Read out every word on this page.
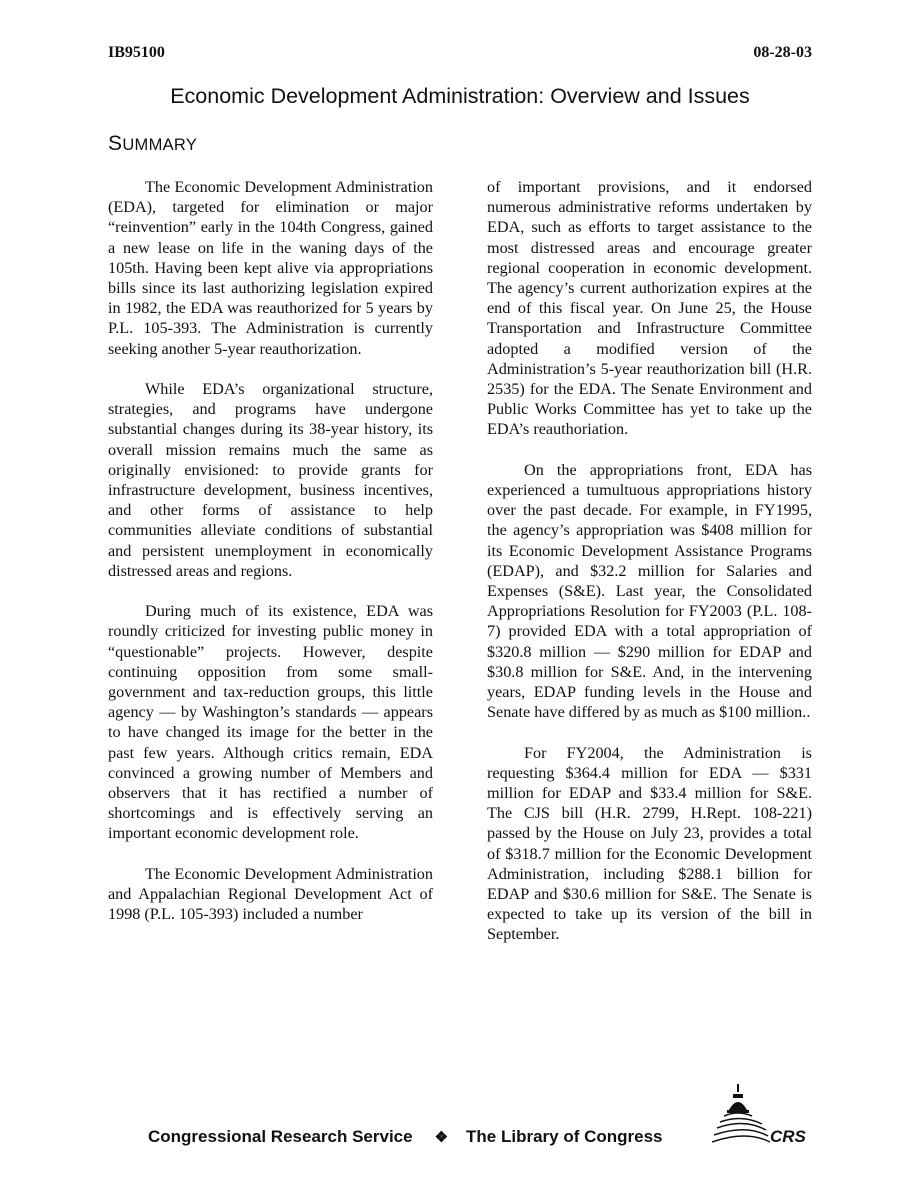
IB95100	08-28-03
Economic Development Administration: Overview and Issues
SUMMARY

The Economic Development Administration (EDA), targeted for elimination or major “reinvention” early in the 104th Congress, gained a new lease on life in the waning days of the 105th. Having been kept alive via appropriations bills since its last authorizing legislation expired in 1982, the EDA was reauthorized for 5 years by P.L. 105-393. The Administration is currently seeking another 5-year reauthorization.

While EDA’s organizational structure, strategies, and programs have undergone substantial changes during its 38-year history, its overall mission remains much the same as originally envisioned: to provide grants for infrastructure development, business incentives, and other forms of assistance to help communities alleviate conditions of substantial and persistent unemployment in economically distressed areas and regions.

During much of its existence, EDA was roundly criticized for investing public money in “questionable” projects. However, despite continuing opposition from some small-government and tax-reduction groups, this little agency — by Washington’s standards — appears to have changed its image for the better in the past few years. Although critics remain, EDA convinced a growing number of Members and observers that it has rectified a number of shortcomings and is effectively serving an important economic development role.

The Economic Development Administration and Appalachian Regional Development Act of 1998 (P.L. 105-393) included a number

of important provisions, and it endorsed numerous administrative reforms undertaken by EDA, such as efforts to target assistance to the most distressed areas and encourage greater regional cooperation in economic development. The agency’s current authorization expires at the end of this fiscal year. On June 25, the House Transportation and Infrastructure Committee adopted a modified version of the Administration’s 5-year reauthorization bill (H.R. 2535) for the EDA. The Senate Environment and Public Works Committee has yet to take up the EDA’s reauthoriation.

On the appropriations front, EDA has experienced a tumultuous appropriations history over the past decade. For example, in FY1995, the agency’s appropriation was $408 million for its Economic Development Assistance Programs (EDAP), and $32.2 million for Salaries and Expenses (S&E). Last year, the Consolidated Appropriations Resolution for FY2003 (P.L. 108-7) provided EDA with a total appropriation of $320.8 million — $290 million for EDAP and $30.8 million for S&E. And, in the intervening years, EDAP funding levels in the House and Senate have differed by as much as $100 million..

For FY2004, the Administration is requesting $364.4 million for EDA — $331 million for EDAP and $33.4 million for S&E. The CJS bill (H.R. 2799, H.Rept. 108-221) passed by the House on July 23, provides a total of $318.7 million for the Economic Development Administration, including $288.1 billion for EDAP and $30.6 million for S&E. The Senate is expected to take up its version of the bill in September.

Congressional Research Service ❖ The Library of Congress	CRS
